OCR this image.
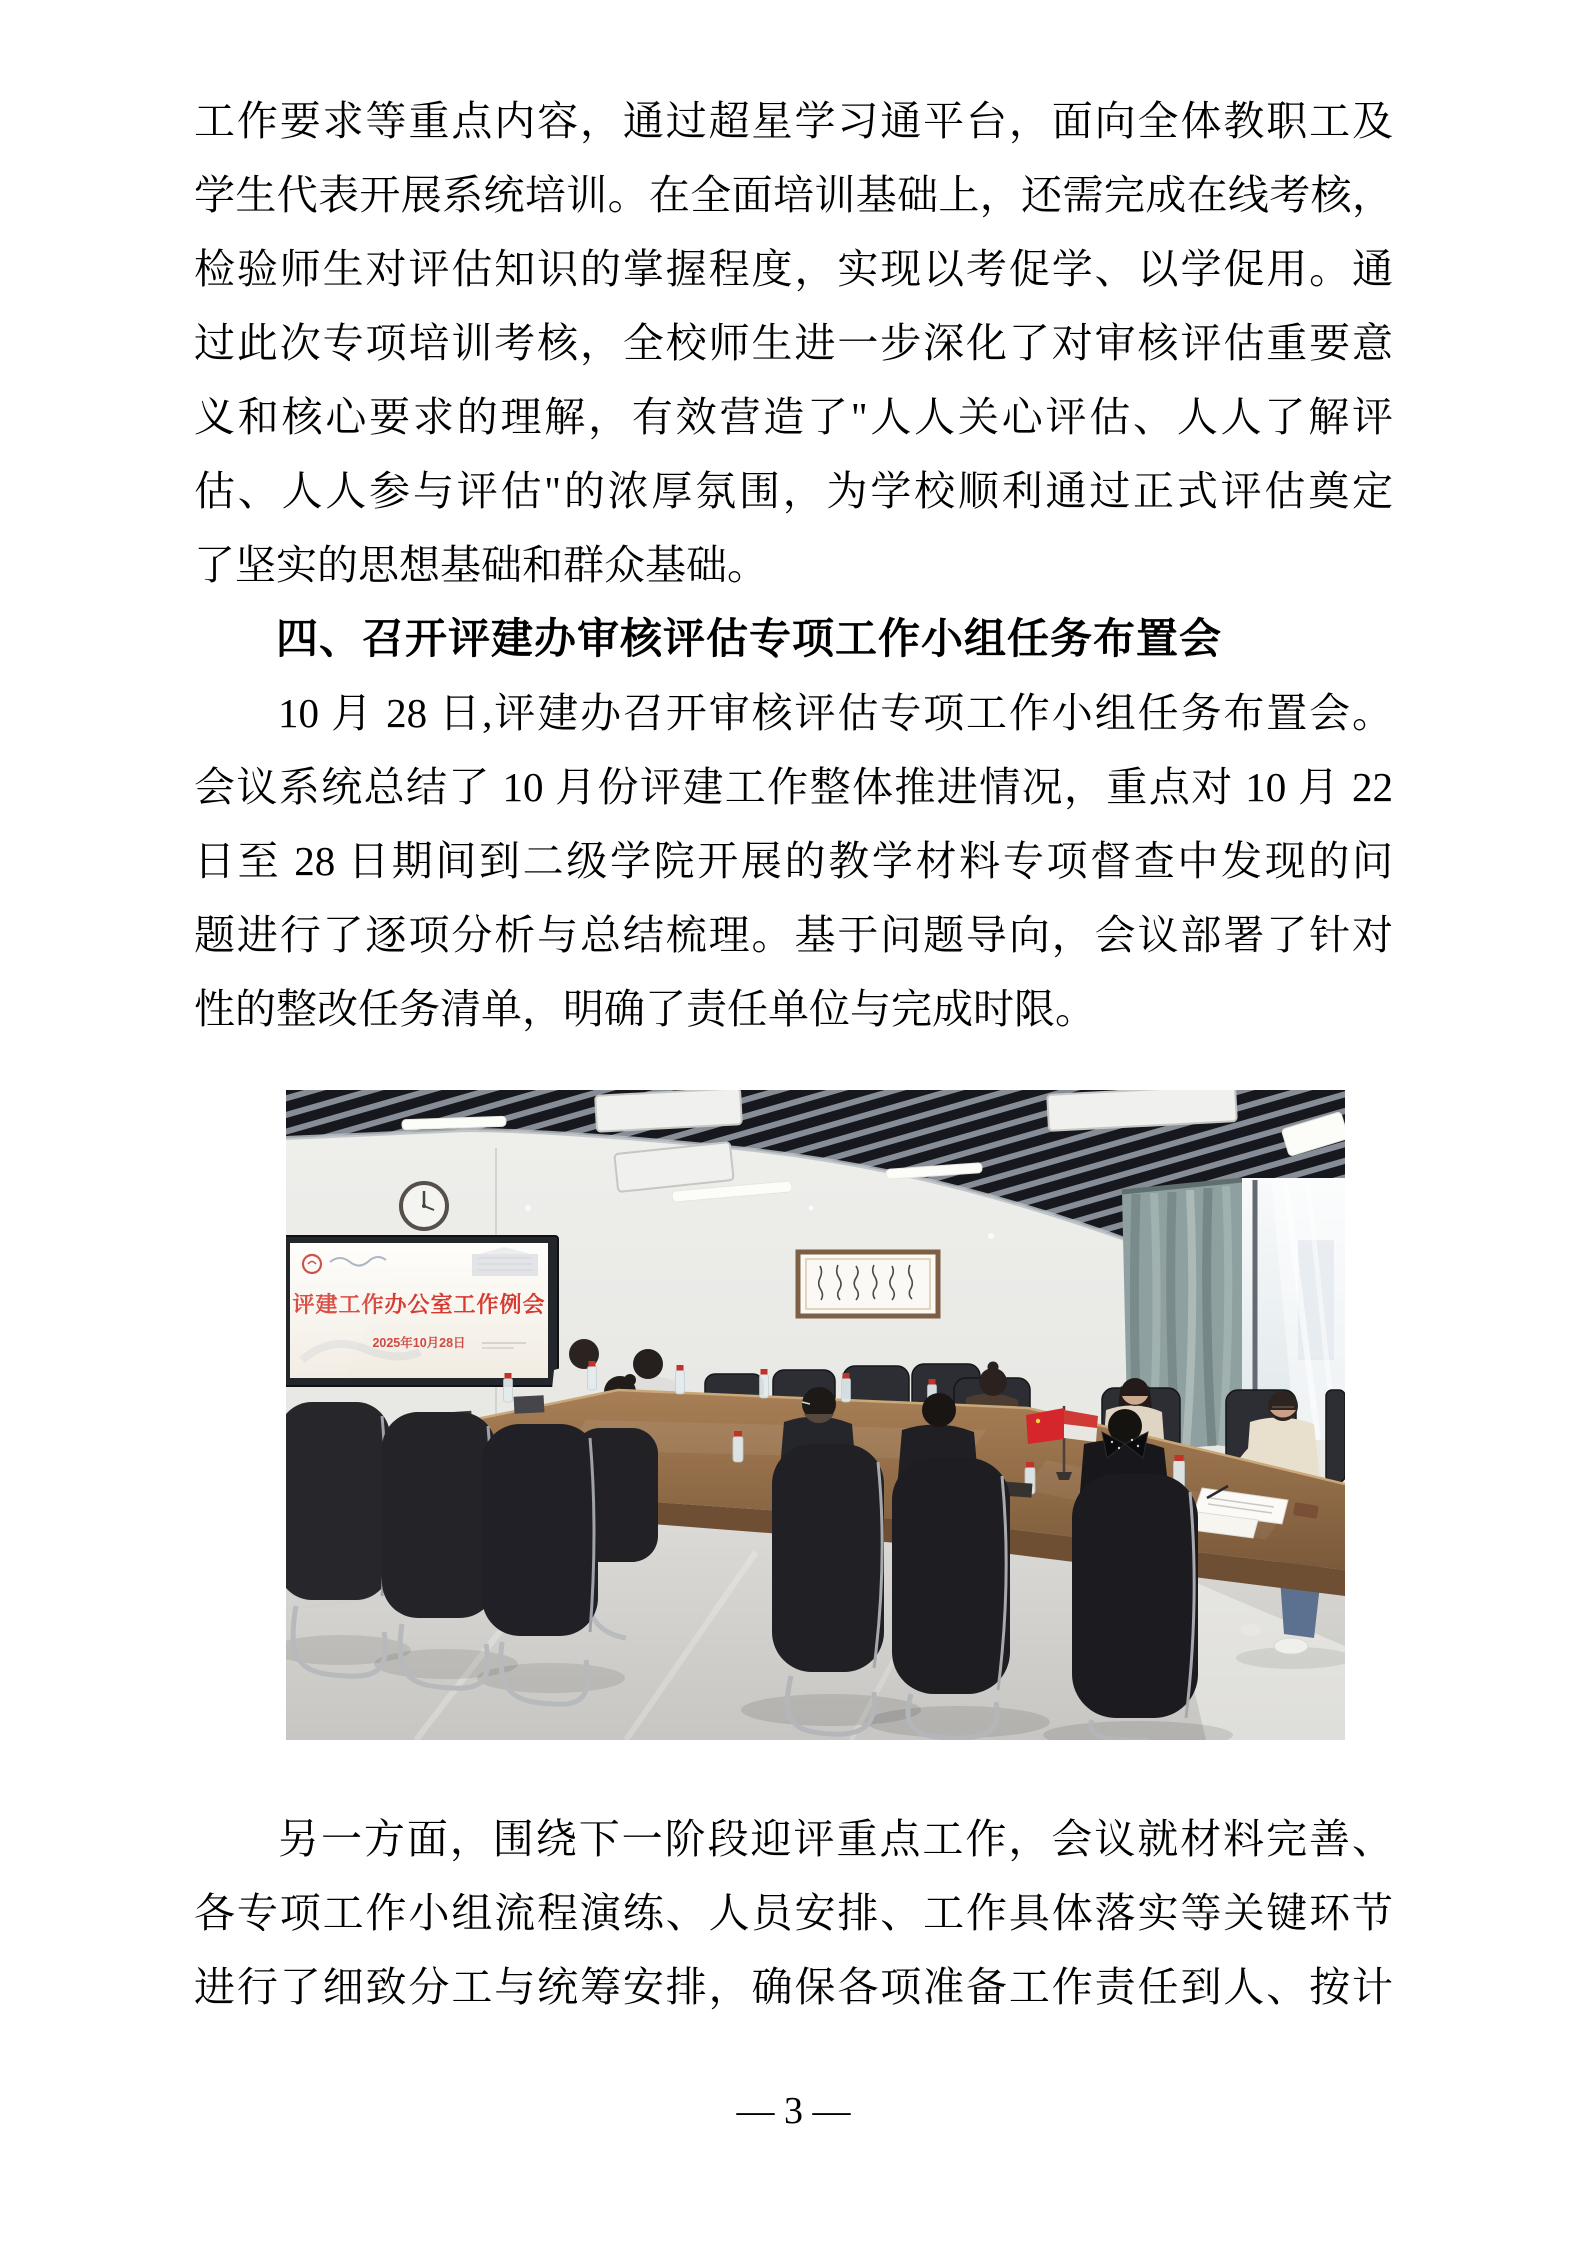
工作要求等重点内容，通过超星学习通平台，面向全体教职工及
学生代表开展系统培训。在全面培训基础上，还需完成在线考核，
检验师生对评估知识的掌握程度，实现以考促学、以学促用。通
过此次专项培训考核，全校师生进一步深化了对审核评估重要意
义和核心要求的理解，有效营造了"人人关心评估、人人了解评
估、人人参与评估"的浓厚氛围，为学校顺利通过正式评估奠定
了坚实的思想基础和群众基础。
四、召开评建办审核评估专项工作小组任务布置会
10 月 28 日,评建办召开审核评估专项工作小组任务布置会。
会议系统总结了 10 月份评建工作整体推进情况，重点对 10 月 22
日至 28 日期间到二级学院开展的教学材料专项督查中发现的问
题进行了逐项分析与总结梳理。基于问题导向，会议部署了针对
性的整改任务清单，明确了责任单位与完成时限。
评建工作办公室工作例会
2025年10月28日
另一方面，围绕下一阶段迎评重点工作，会议就材料完善、
各专项工作小组流程演练、人员安排、工作具体落实等关键环节
进行了细致分工与统筹安排，确保各项准备工作责任到人、按计
— 3 —
